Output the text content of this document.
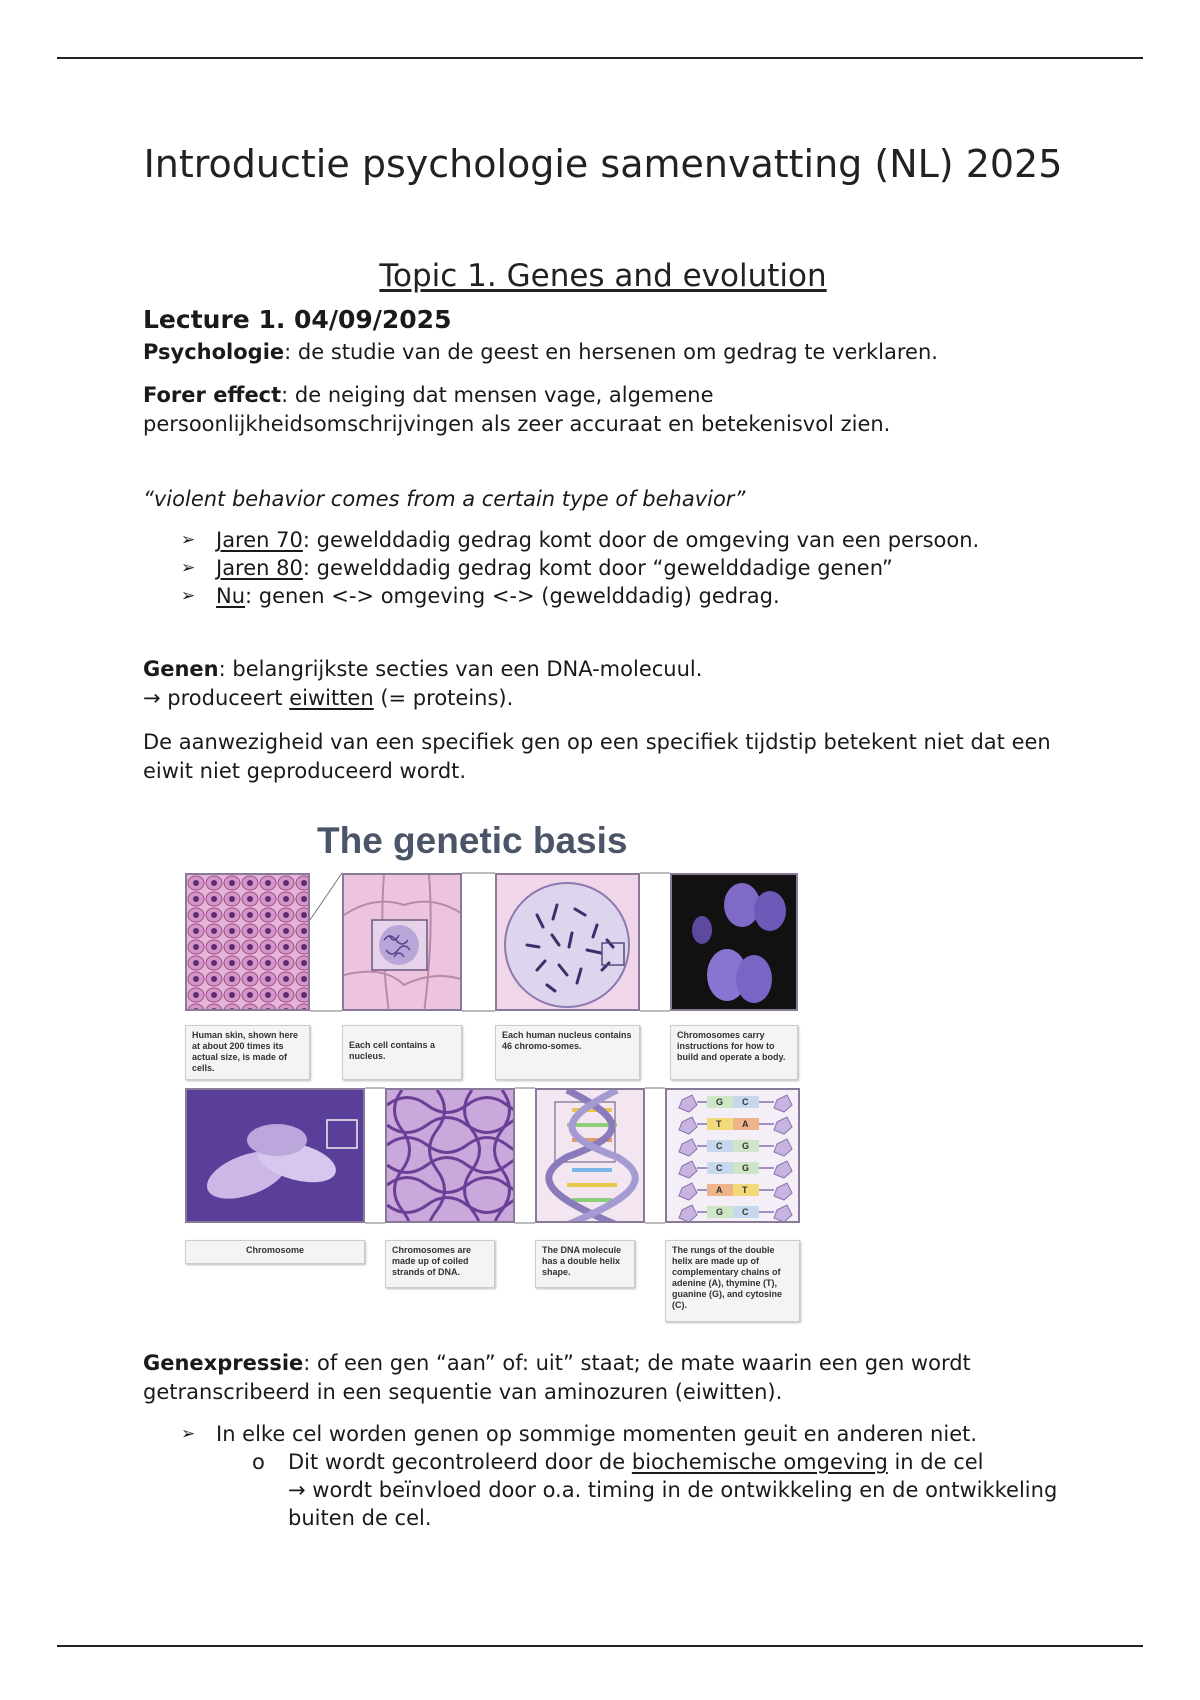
Introductie psychologie samenvatting (NL) 2025
Topic 1. Genes and evolution

Lecture 1. 04/09/2025

Psychologie: de studie van de geest en hersenen om gedrag te verklaren.

Forer effect: de neiging dat mensen vage, algemene persoonlijkheidsomschrijvingen als zeer accuraat en betekenisvol zien.

“violent behavior comes from a certain type of behavior”

➢ Jaren 70: gewelddadig gedrag komt door de omgeving van een persoon.
➢ Jaren 80: gewelddadig gedrag komt door “gewelddadige genen”
➢ Nu: genen <-> omgeving <-> (gewelddadig) gedrag.

Genen: belangrijkste secties van een DNA-molecuul.
→ produceert eiwitten (= proteins).

De aanwezigheid van een specifiek gen op een specifiek tijdstip betekent niet dat een eiwit niet geproduceerd wordt.

Genexpressie: of een gen “aan” of: uit” staat; de mate waarin een gen wordt getranscribeerd in een sequentie van aminozuren (eiwitten).

➢ In elke cel worden genen op sommige momenten geuit en anderen niet.
o Dit wordt gecontroleerd door de biochemische omgeving in de cel
→ wordt beïnvloed door o.a. timing in de ontwikkeling en de ontwikkeling buiten de cel.
The genetic basis
Human skin, shown here at about 200 times its actual size, is made of cells.
Each cell contains a nucleus.
Each human nucleus contains 46 chromo-somes.
Chromosomes carry instructions for how to build and operate a body.
G C
T A
C G
C G
A T
G C
Chromosome	Chromosomes are made up of coiled strands of DNA.
The DNA molecule has a double helix shape.
The rungs of the double helix are made up of complementary chains of adenine (A), thymine (T), guanine (G), and cytosine (C).
